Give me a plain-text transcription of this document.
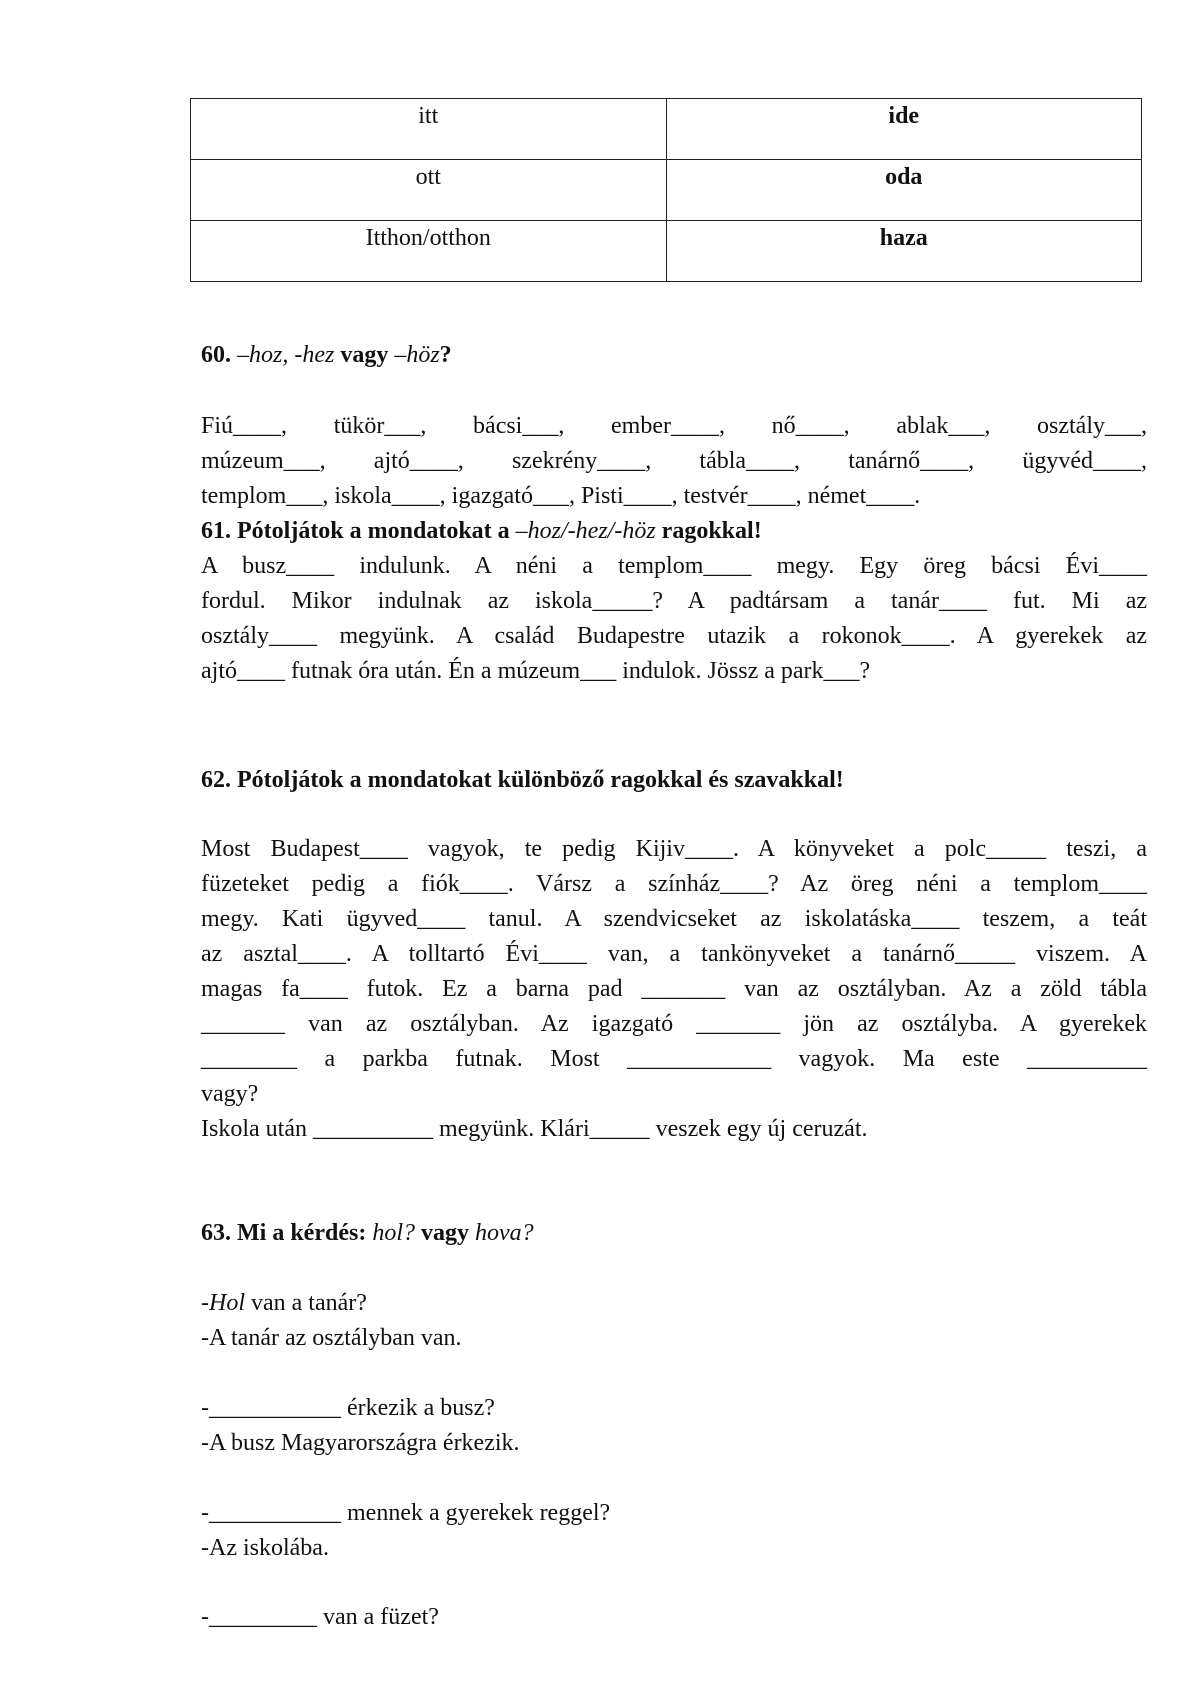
itt	ide
ott	oda
Itthon/otthon	haza
60. –hoz, -hez vagy –höz?
Fiú____, tükör___, bácsi___, ember____, nő____, ablak___, osztály___,
múzeum___, ajtó____, szekrény____, tábla____, tanárnő____, ügyvéd____,
templom___, iskola____, igazgató___, Pisti____, testvér____, német____.
61. Pótoljátok a mondatokat a –hoz/-hez/-höz ragokkal!
A busz____ indulunk. A néni a templom____ megy. Egy öreg bácsi Évi____
fordul. Mikor indulnak az iskola_____? A padtársam a tanár____ fut. Mi az
osztály____ megyünk. A család Budapestre utazik a rokonok____. A gyerekek az
ajtó____ futnak óra után. Én a múzeum___ indulok. Jössz a park___?
62. Pótoljátok a mondatokat különböző ragokkal és szavakkal!
Most Budapest____ vagyok, te pedig Kijiv____. A könyveket a polc_____ teszi, a
füzeteket pedig a fiók____. Vársz a színház____? Az öreg néni a templom____
megy. Kati ügyved____ tanul. A szendvicseket az iskolatáska____ teszem, a teát
az asztal____. A tolltartó Évi____ van, a tankönyveket a tanárnő_____ viszem. A
magas fa____ futok. Ez a barna pad _______ van az osztályban. Az a zöld tábla
_______ van az osztályban. Az igazgató _______ jön az osztályba. A gyerekek
________ a parkba futnak. Most ____________ vagyok. Ma este __________
vagy?
Iskola után __________ megyünk. Klári_____ veszek egy új ceruzát.
63. Mi a kérdés: hol? vagy hova?
-Hol van a tanár?
-A tanár az osztályban van.
-___________ érkezik a busz?
-A busz Magyarországra érkezik.
-___________ mennek a gyerekek reggel?
-Az iskolába.
-_________ van a füzet?
